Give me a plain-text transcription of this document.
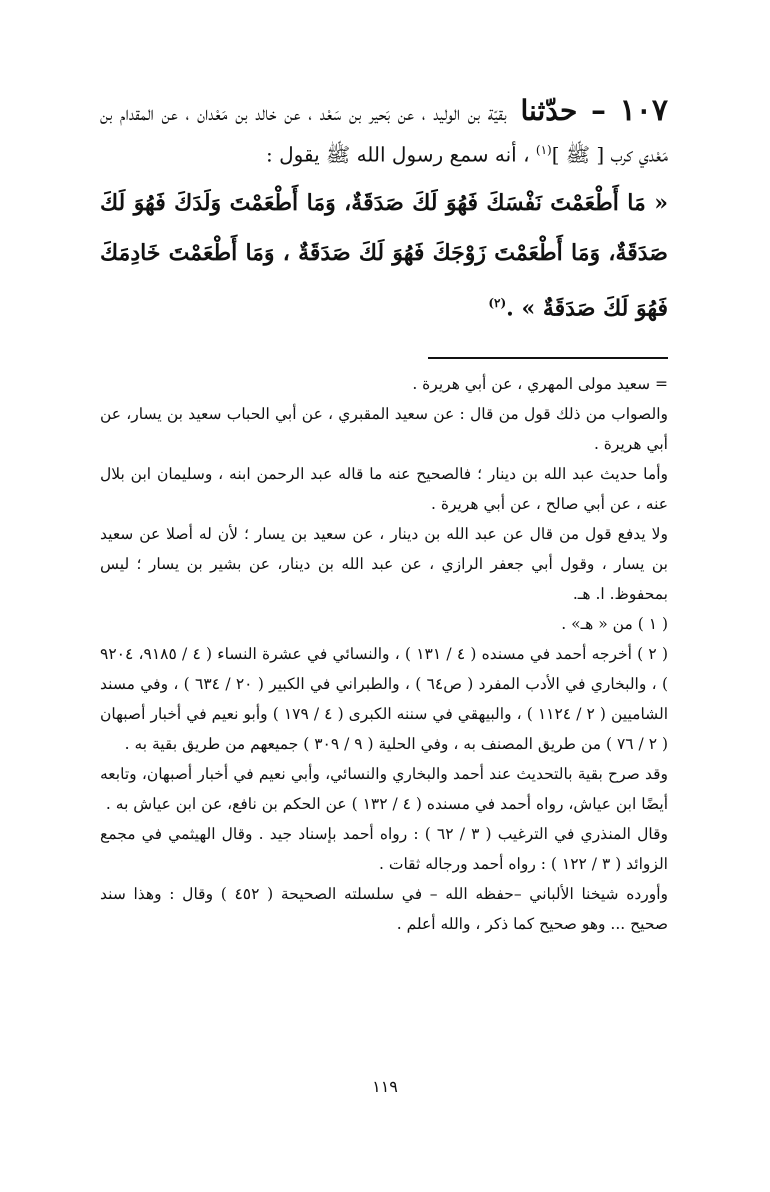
١٠٧ – حدّثنا بقيّة بن الوليد ، عن بَحير بن سَعْد ، عن خالد بن مَعْدان ، عن المقدام بن مَعْدي كرب [ ﷺ ]$^{(١)}$ ، أنه سمع رسول الله ﷺ يقول :
« مَا أَطْعَمْتَ نَفْسَكَ فَهُوَ لَكَ صَدَقَةٌ، وَمَا أَطْعَمْتَ وَلَدَكَ فَهُوَ لَكَ صَدَقَةٌ، وَمَا أَطْعَمْتَ زَوْجَكَ فَهُوَ لَكَ صَدَقَةٌ ، وَمَا أَطْعَمْتَ خَادِمَكَ فَهُوَ لَكَ صَدَقَةٌ » .$^{(٢)}$

= سعيد مولى المهري ، عن أبي هريرة .

والصواب من ذلك قول من قال : عن سعيد المقبري ، عن أبي الحباب سعيد بن يسار، عن أبي هريرة .

وأما حديث عبد الله بن دينار ؛ فالصحيح عنه ما قاله عبد الرحمن ابنه ، وسليمان ابن بلال عنه ، عن أبي صالح ، عن أبي هريرة .

ولا يدفع قول من قال عن عبد الله بن دينار ، عن سعيد بن يسار ؛ لأن له أصلا عن سعيد بن يسار ، وقول أبي جعفر الرازي ، عن عبد الله بن دينار، عن بشير بن يسار ؛ ليس بمحفوظ. ا. هـ.

( ١ ) من « هـ» .

( ٢ ) أخرجه أحمد في مسنده ( ٤ / ١٣١ ) ، والنسائي في عشرة النساء ( ٤ / ٩١٨٥، ٩٢٠٤ ) ، والبخاري في الأدب المفرد ( ص٦٤ ) ، والطبراني في الكبير ( ٢٠ / ٦٣٤ ) ، وفي مسند الشاميين ( ٢ / ١١٢٤ ) ، والبيهقي في سننه الكبرى ( ٤ / ١٧٩ ) وأبو نعيم في أخبار أصبهان ( ٢ / ٧٦ ) من طريق المصنف به ، وفي الحلية ( ٩ / ٣٠٩ ) جميعهم من طريق بقية به .

وقد صرح بقية بالتحديث عند أحمد والبخاري والنسائي، وأبي نعيم في أخبار أصبهان، وتابعه أيضًا ابن عياش، رواه أحمد في مسنده ( ٤ / ١٣٢ ) عن الحكم بن نافع، عن ابن عياش به .

وقال المنذري في الترغيب ( ٣ / ٦٢ ) : رواه أحمد بإسناد جيد . وقال الهيثمي في مجمع الزوائد ( ٣ / ١٢٢ ) : رواه أحمد ورجاله ثقات .

وأورده شيخنا الألباني –حفظه الله – في سلسلته الصحيحة ( ٤٥٢ ) وقال : وهذا سند صحيح ... وهو صحيح كما ذكر ، والله أعلم .

١١٩
